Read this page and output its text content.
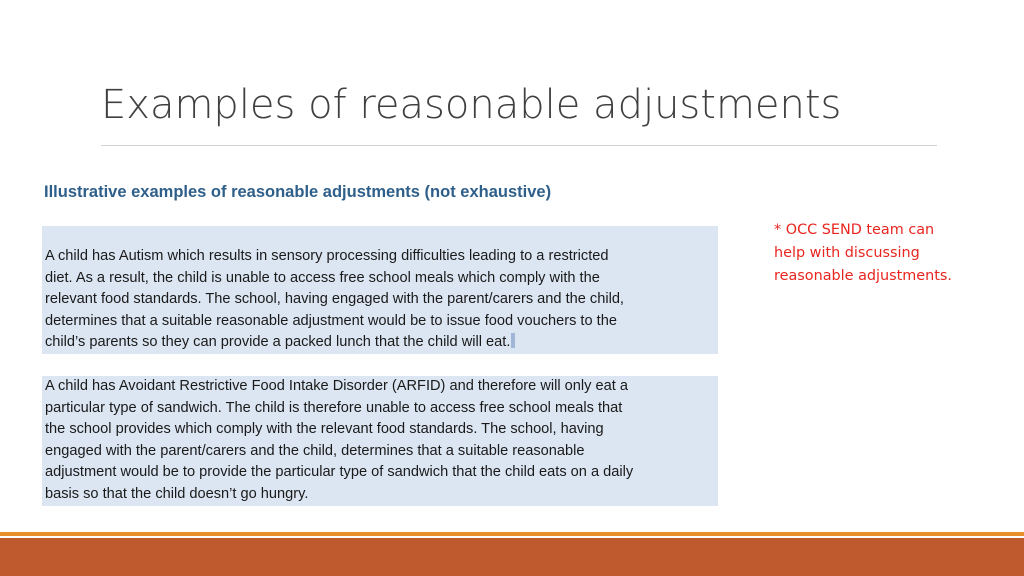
Examples of reasonable adjustments
Illustrative examples of reasonable adjustments (not exhaustive)
A child has Autism which results in sensory processing difficulties leading to a restricted
diet. As a result, the child is unable to access free school meals which comply with the
relevant food standards. The school, having engaged with the parent/carers and the child,
determines that a suitable reasonable adjustment would be to issue food vouchers to the
child’s parents so they can provide a packed lunch that the child will eat.
A child has Avoidant Restrictive Food Intake Disorder (ARFID) and therefore will only eat a
particular type of sandwich. The child is therefore unable to access free school meals that
the school provides which comply with the relevant food standards. The school, having
engaged with the parent/carers and the child, determines that a suitable reasonable
adjustment would be to provide the particular type of sandwich that the child eats on a daily
basis so that the child doesn’t go hungry.
* OCC SEND team can
help with discussing
reasonable adjustments.
